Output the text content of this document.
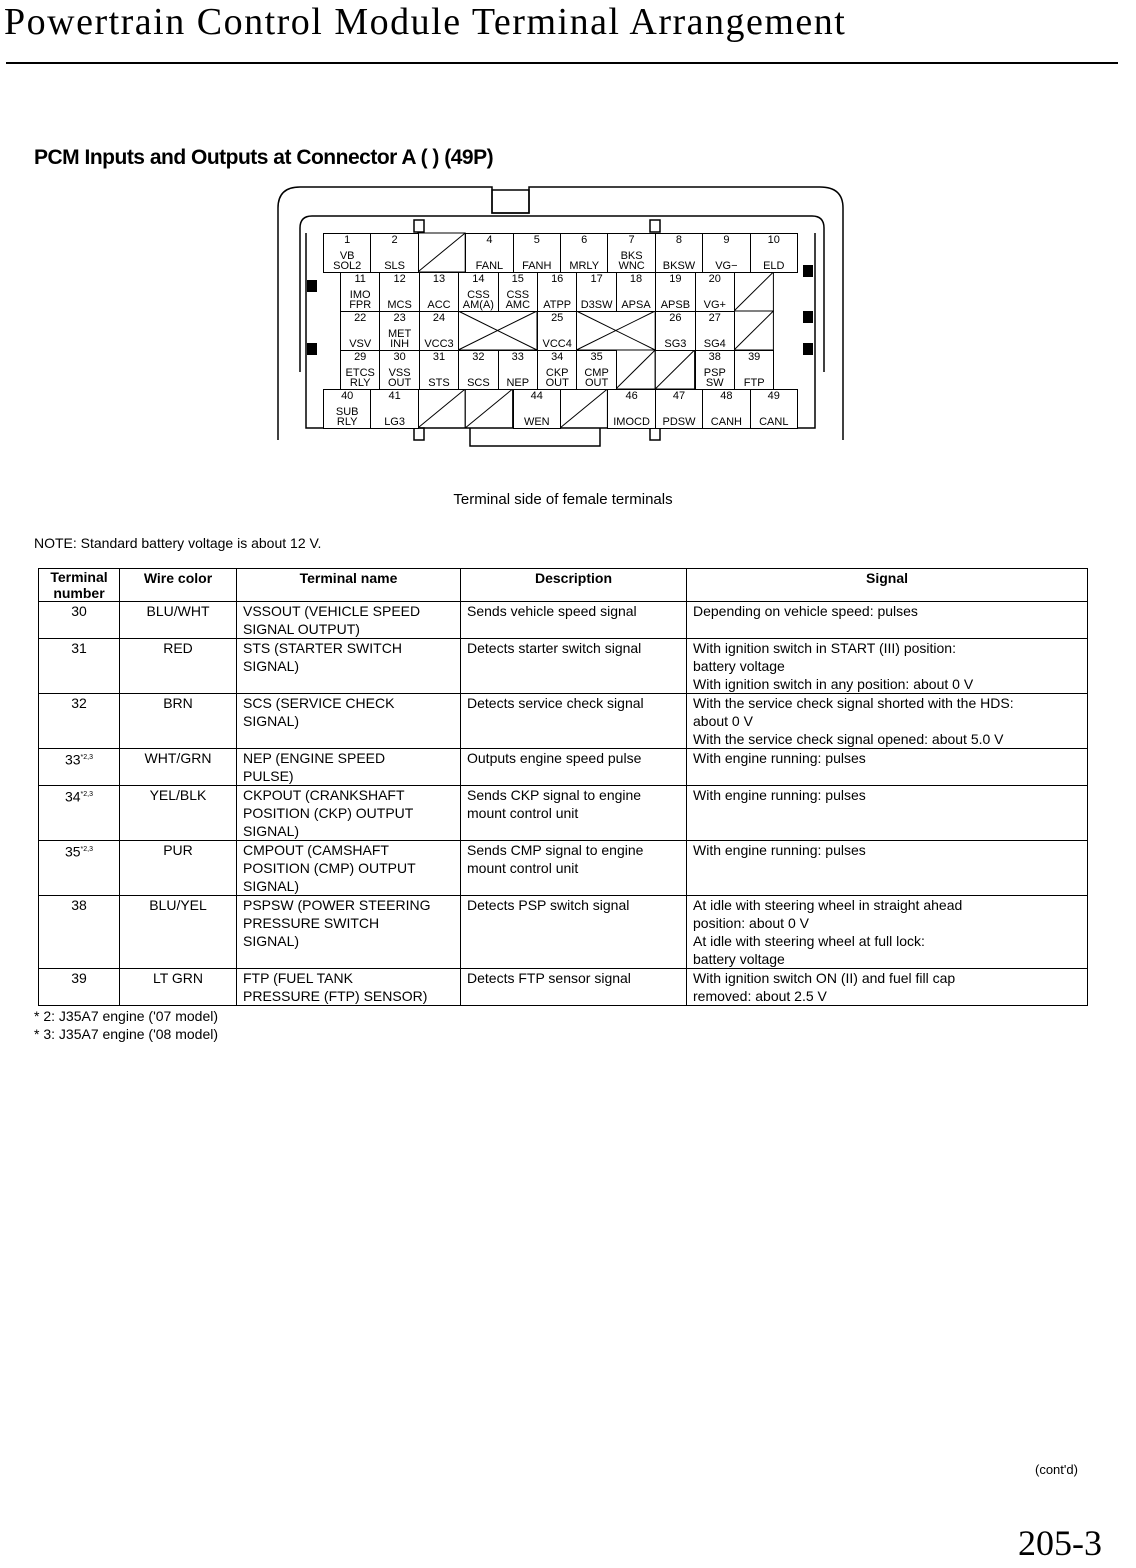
Powertrain Control Module Terminal Arrangement
PCM Inputs and Outputs at Connector A ( ) (49P)
1
VB
SOL2
2
SLS
4
FANL
5
FANH
6
MRLY
7
BKS
WNC
8
BKSW
9
VG−
10
ELD
11
IMO
FPR
12
MCS
13
ACC
14
CSS
AM(A)
15
CSS
AMC
16
ATPP
17
D3SW
18
APSA
19
APSB
20
VG+
22
VSV
23
MET
INH
24
VCC3
25
VCC4
26
SG3
27
SG4
29
ETCS
RLY
30
VSS
OUT
31
STS
32
SCS
33
NEP
34
CKP
OUT
35
CMP
OUT
38
PSP
SW
39
FTP
40
SUB
RLY
41
LG3
44
WEN
46
IMOCD
47
PDSW
48
CANH
49
CANL
Terminal side of female terminals
NOTE: Standard battery voltage is about 12 V.
Terminal
number	Wire color	Terminal name	Description	Signal
30	BLU/WHT	VSSOUT (VEHICLE SPEED
SIGNAL OUTPUT)	Sends vehicle speed signal	Depending on vehicle speed: pulses
31	RED	STS (STARTER SWITCH
SIGNAL)	Detects starter switch signal	With ignition switch in START (III) position:
battery voltage
With ignition switch in any position: about 0 V
32	BRN	SCS (SERVICE CHECK
SIGNAL)	Detects service check signal	With the service check signal shorted with the HDS:
about 0 V
With the service check signal opened: about 5.0 V
33$^{*2,3}$	WHT/GRN	NEP (ENGINE SPEED
PULSE)	Outputs engine speed pulse	With engine running: pulses
34$^{*2,3}$	YEL/BLK	CKPOUT (CRANKSHAFT
POSITION (CKP) OUTPUT
SIGNAL)	Sends CKP signal to engine
mount control unit	With engine running: pulses
35$^{*2,3}$	PUR	CMPOUT (CAMSHAFT
POSITION (CMP) OUTPUT
SIGNAL)	Sends CMP signal to engine
mount control unit	With engine running: pulses
38	BLU/YEL	PSPSW (POWER STEERING
PRESSURE SWITCH
SIGNAL)	Detects PSP switch signal	At idle with steering wheel in straight ahead
position: about 0 V
At idle with steering wheel at full lock:
battery voltage
39	LT GRN	FTP (FUEL TANK
PRESSURE (FTP) SENSOR)	Detects FTP sensor signal	With ignition switch ON (II) and fuel fill cap
removed: about 2.5 V
* 2: J35A7 engine ('07 model)
* 3: J35A7 engine ('08 model)
(cont'd)
205-3
